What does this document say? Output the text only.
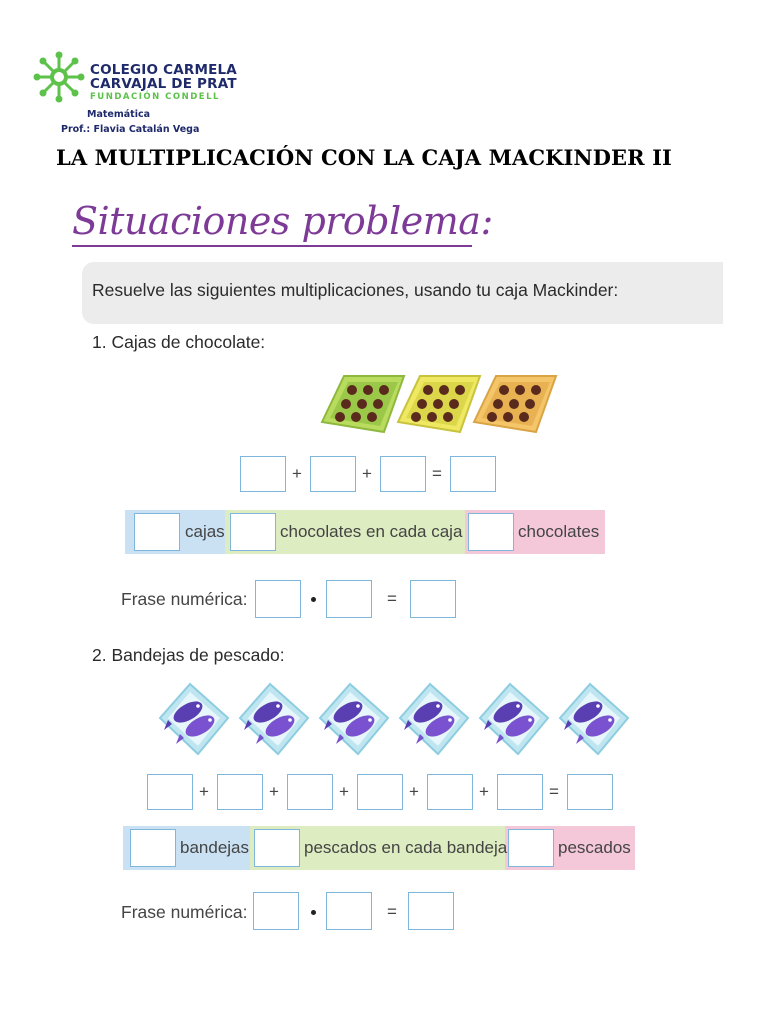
COLEGIO CARMELA
CARVAJAL DE PRAT
FUNDACIÓN CONDELL
Matemática
Prof.: Flavia Catalán Vega
LA MULTIPLICACIÓN CON LA CAJA MACKINDER II
Situaciones problema:
Resuelve las siguientes multiplicaciones, usando tu caja Mackinder:
1. Cajas de chocolate:
+	+	=
cajas	chocolates en cada caja	chocolates
Frase numérica:	=
2. Bandejas de pescado:
+	+	+	+	+	=
bandejas	pescados en cada bandeja	pescados
Frase numérica:	=
